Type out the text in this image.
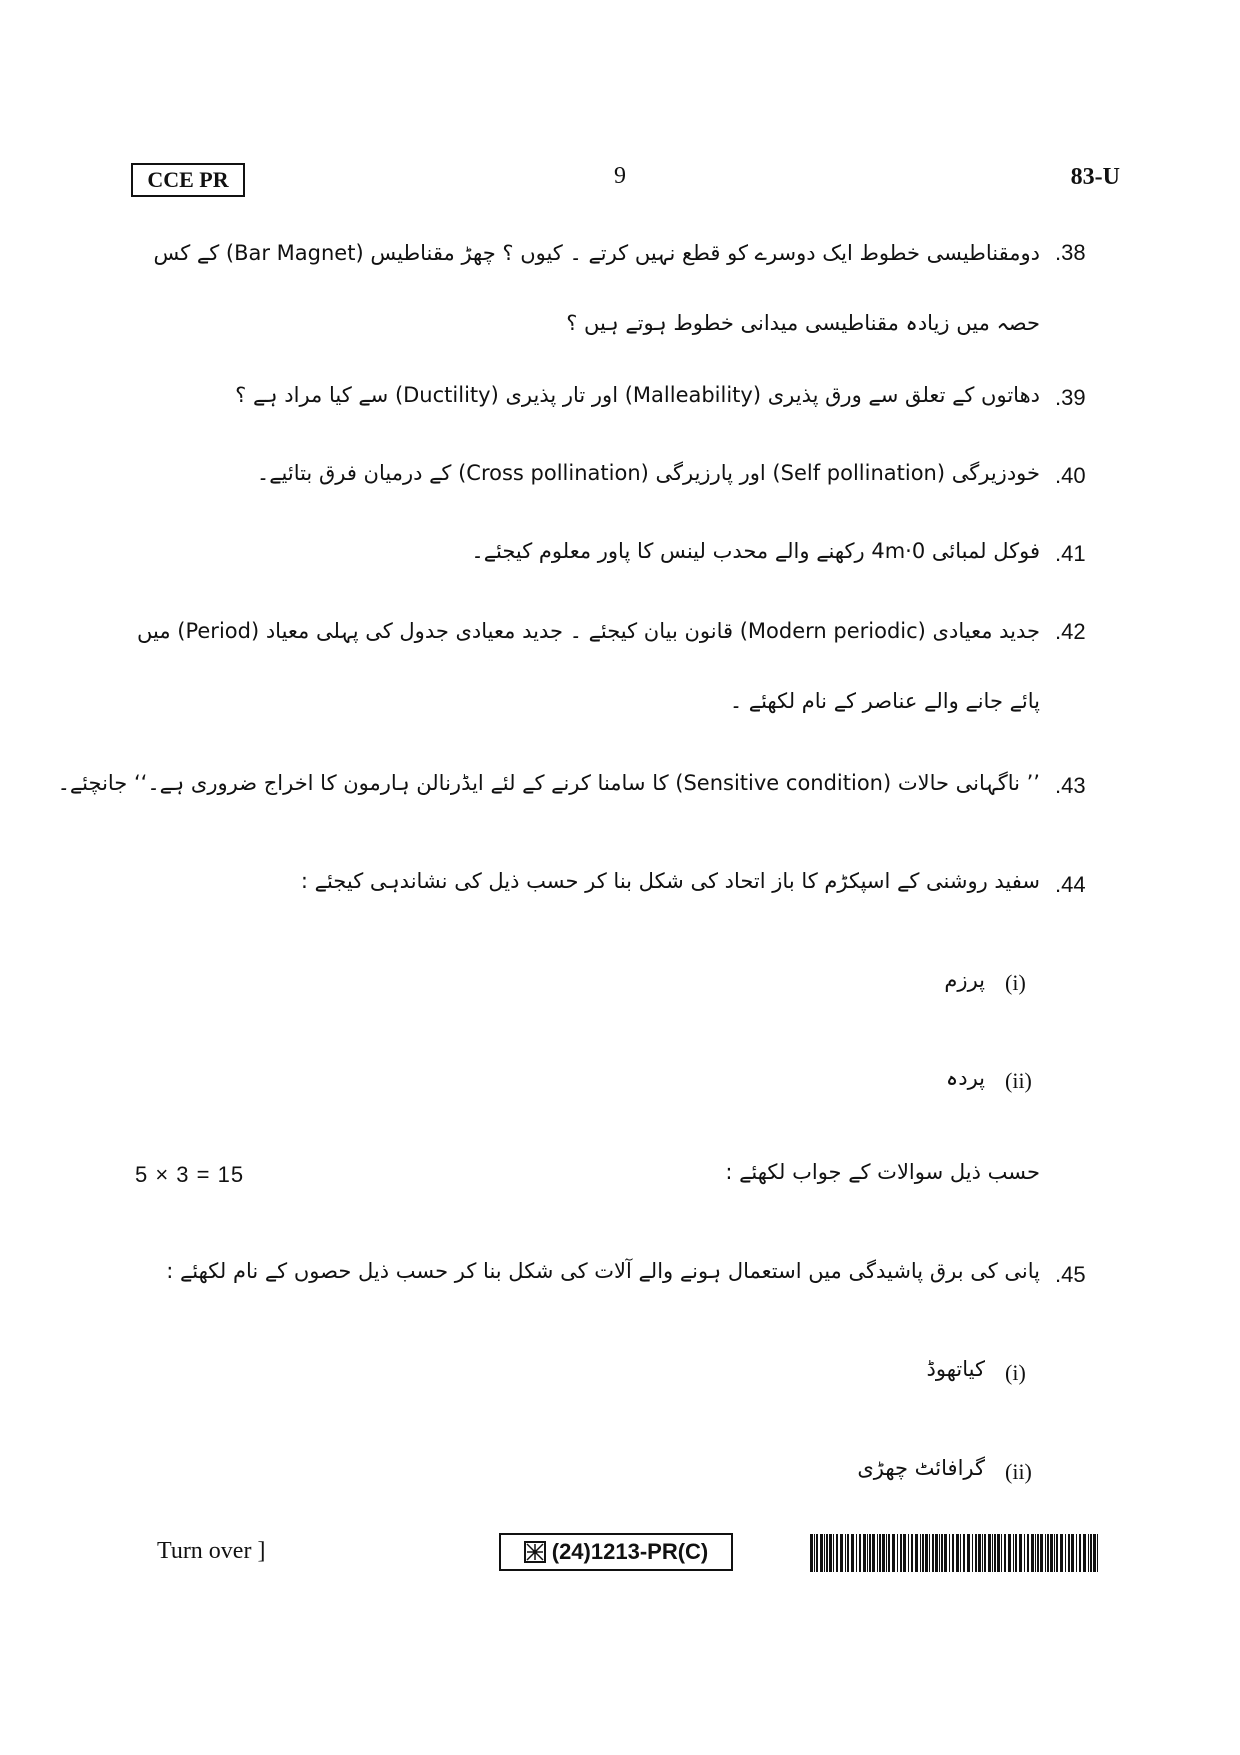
CCE PR	9	83-U
.38
دومقناطیسی خطوط ایک دوسرے کو قطع نہیں کرتے ۔ کیوں ؟ چھڑ مقناطیس (Bar Magnet) کے کس حصہ میں زیادہ مقناطیسی میدانی خطوط ہوتے ہیں ؟
.39
دھاتوں کے تعلق سے ورق پذیری (Malleability) اور تار پذیری (Ductility) سے کیا مراد ہے ؟
.40
خودزیرگی (Self pollination) اور پارزیرگی (Cross pollination) کے درمیان فرق بتائیے۔
.41
فوکل لمبائی 0·4m رکھنے والے محدب لینس کا پاور معلوم کیجئے۔
.42
جدید معیادی (Modern periodic) قانون بیان کیجئے ۔ جدید معیادی جدول کی پہلی معیاد (Period) میں پائے جانے والے عناصر کے نام لکھئے ۔
.43
’’ ناگہانی حالات (Sensitive condition) کا سامنا کرنے کے لئے ایڈرنالن ہارمون کا اخراج ضروری ہے۔‘‘ جانچئے۔
.44
سفید روشنی کے اسپکڑم کا باز اتحاد کی شکل بنا کر حسب ذیل کی نشاندہی کیجئے :
(i)
پرزم
(ii)
پردہ
5 × 3 = 15	حسب ذیل سوالات کے جواب لکھئے :
.45
پانی کی برق پاشیدگی میں استعمال ہونے والے آلات کی شکل بنا کر حسب ذیل حصوں کے نام لکھئے :
(i)
کیاتھوڈ
(ii)
گرافائٹ چھڑی
Turn over ]	(24)1213-PR(C)
